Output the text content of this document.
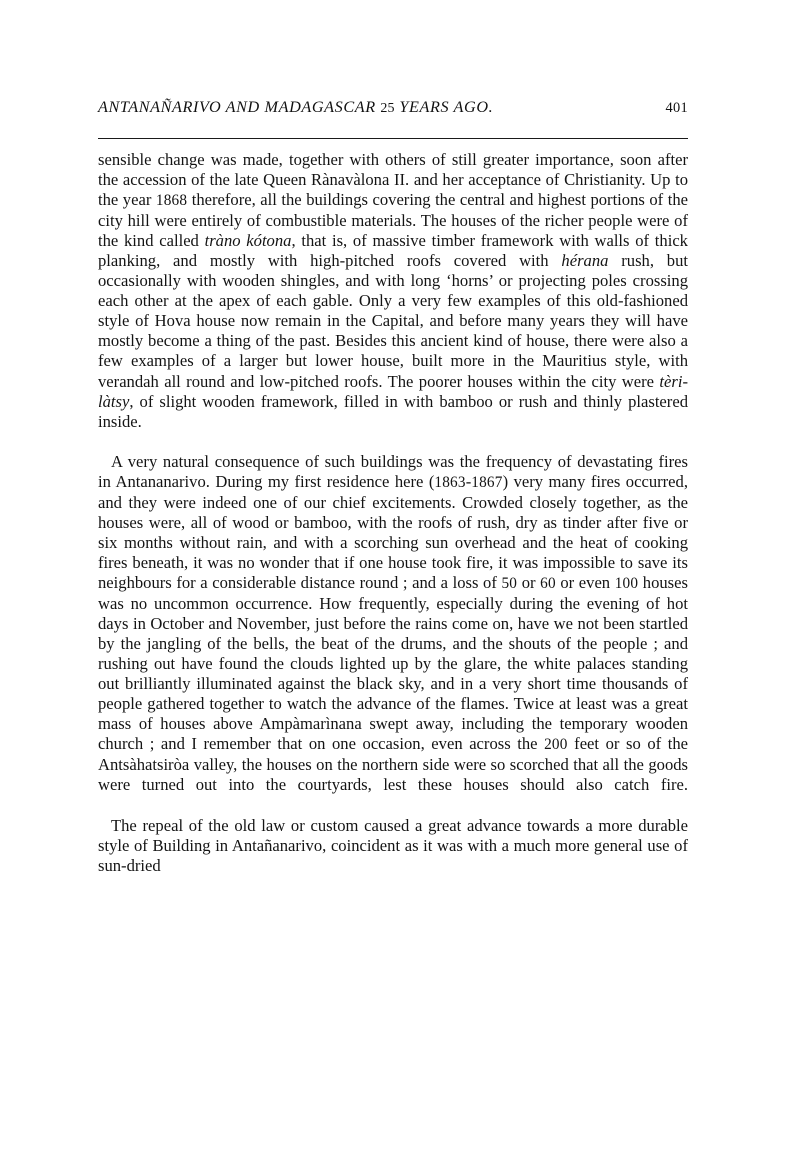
ANTANAÑARIVO AND MADAGASCAR 25 YEARS AGO.	401

sensible change was made, together with others of still greater importance, soon after the accession of the late Queen Rànavàlona II. and her acceptance of Christianity. Up to the year 1868 therefore, all the buildings covering the central and highest portions of the city hill were entirely of combustible materials. The houses of the richer people were of the kind called tràno kótona, that is, of massive timber framework with walls of thick planking, and mostly with high-pitched roofs covered with hérana rush, but occasionally with wooden shingles, and with long ‘horns’ or projecting poles crossing each other at the apex of each gable. Only a very few examples of this old-fashioned style of Hova house now remain in the Capital, and before many years they will have mostly become a thing of the past. Besides this ancient kind of house, there were also a few examples of a larger but lower house, built more in the Mauritius style, with verandah all round and low-pitched roofs. The poorer houses within the city were tèri-làtsy, of slight wooden framework, filled in with bamboo or rush and thinly plastered inside.

A very natural consequence of such buildings was the frequency of devastating fires in Antananarivo. During my first residence here (1863-1867) very many fires occurred, and they were indeed one of our chief excitements. Crowded closely together, as the houses were, all of wood or bamboo, with the roofs of rush, dry as tinder after five or six months without rain, and with a scorching sun overhead and the heat of cooking fires beneath, it was no wonder that if one house took fire, it was impossible to save its neighbours for a considerable distance round ; and a loss of 50 or 60 or even 100 houses was no uncommon occurrence. How frequently, especially during the evening of hot days in October and November, just before the rains come on, have we not been startled by the jangling of the bells, the beat of the drums, and the shouts of the people ; and rushing out have found the clouds lighted up by the glare, the white palaces standing out brilliantly illuminated against the black sky, and in a very short time thousands of people gathered together to watch the advance of the flames. Twice at least was a great mass of houses above Ampàmarìnana swept away, including the temporary wooden church ; and I remember that on one occasion, even across the 200 feet or so of the Antsàhatsiròa valley, the houses on the northern side were so scorched that all the goods were turned out into the courtyards, lest these houses should also catch fire.

The repeal of the old law or custom caused a great advance towards a more durable style of Building in Antañanarivo, coincident as it was with a much more general use of sun-dried
